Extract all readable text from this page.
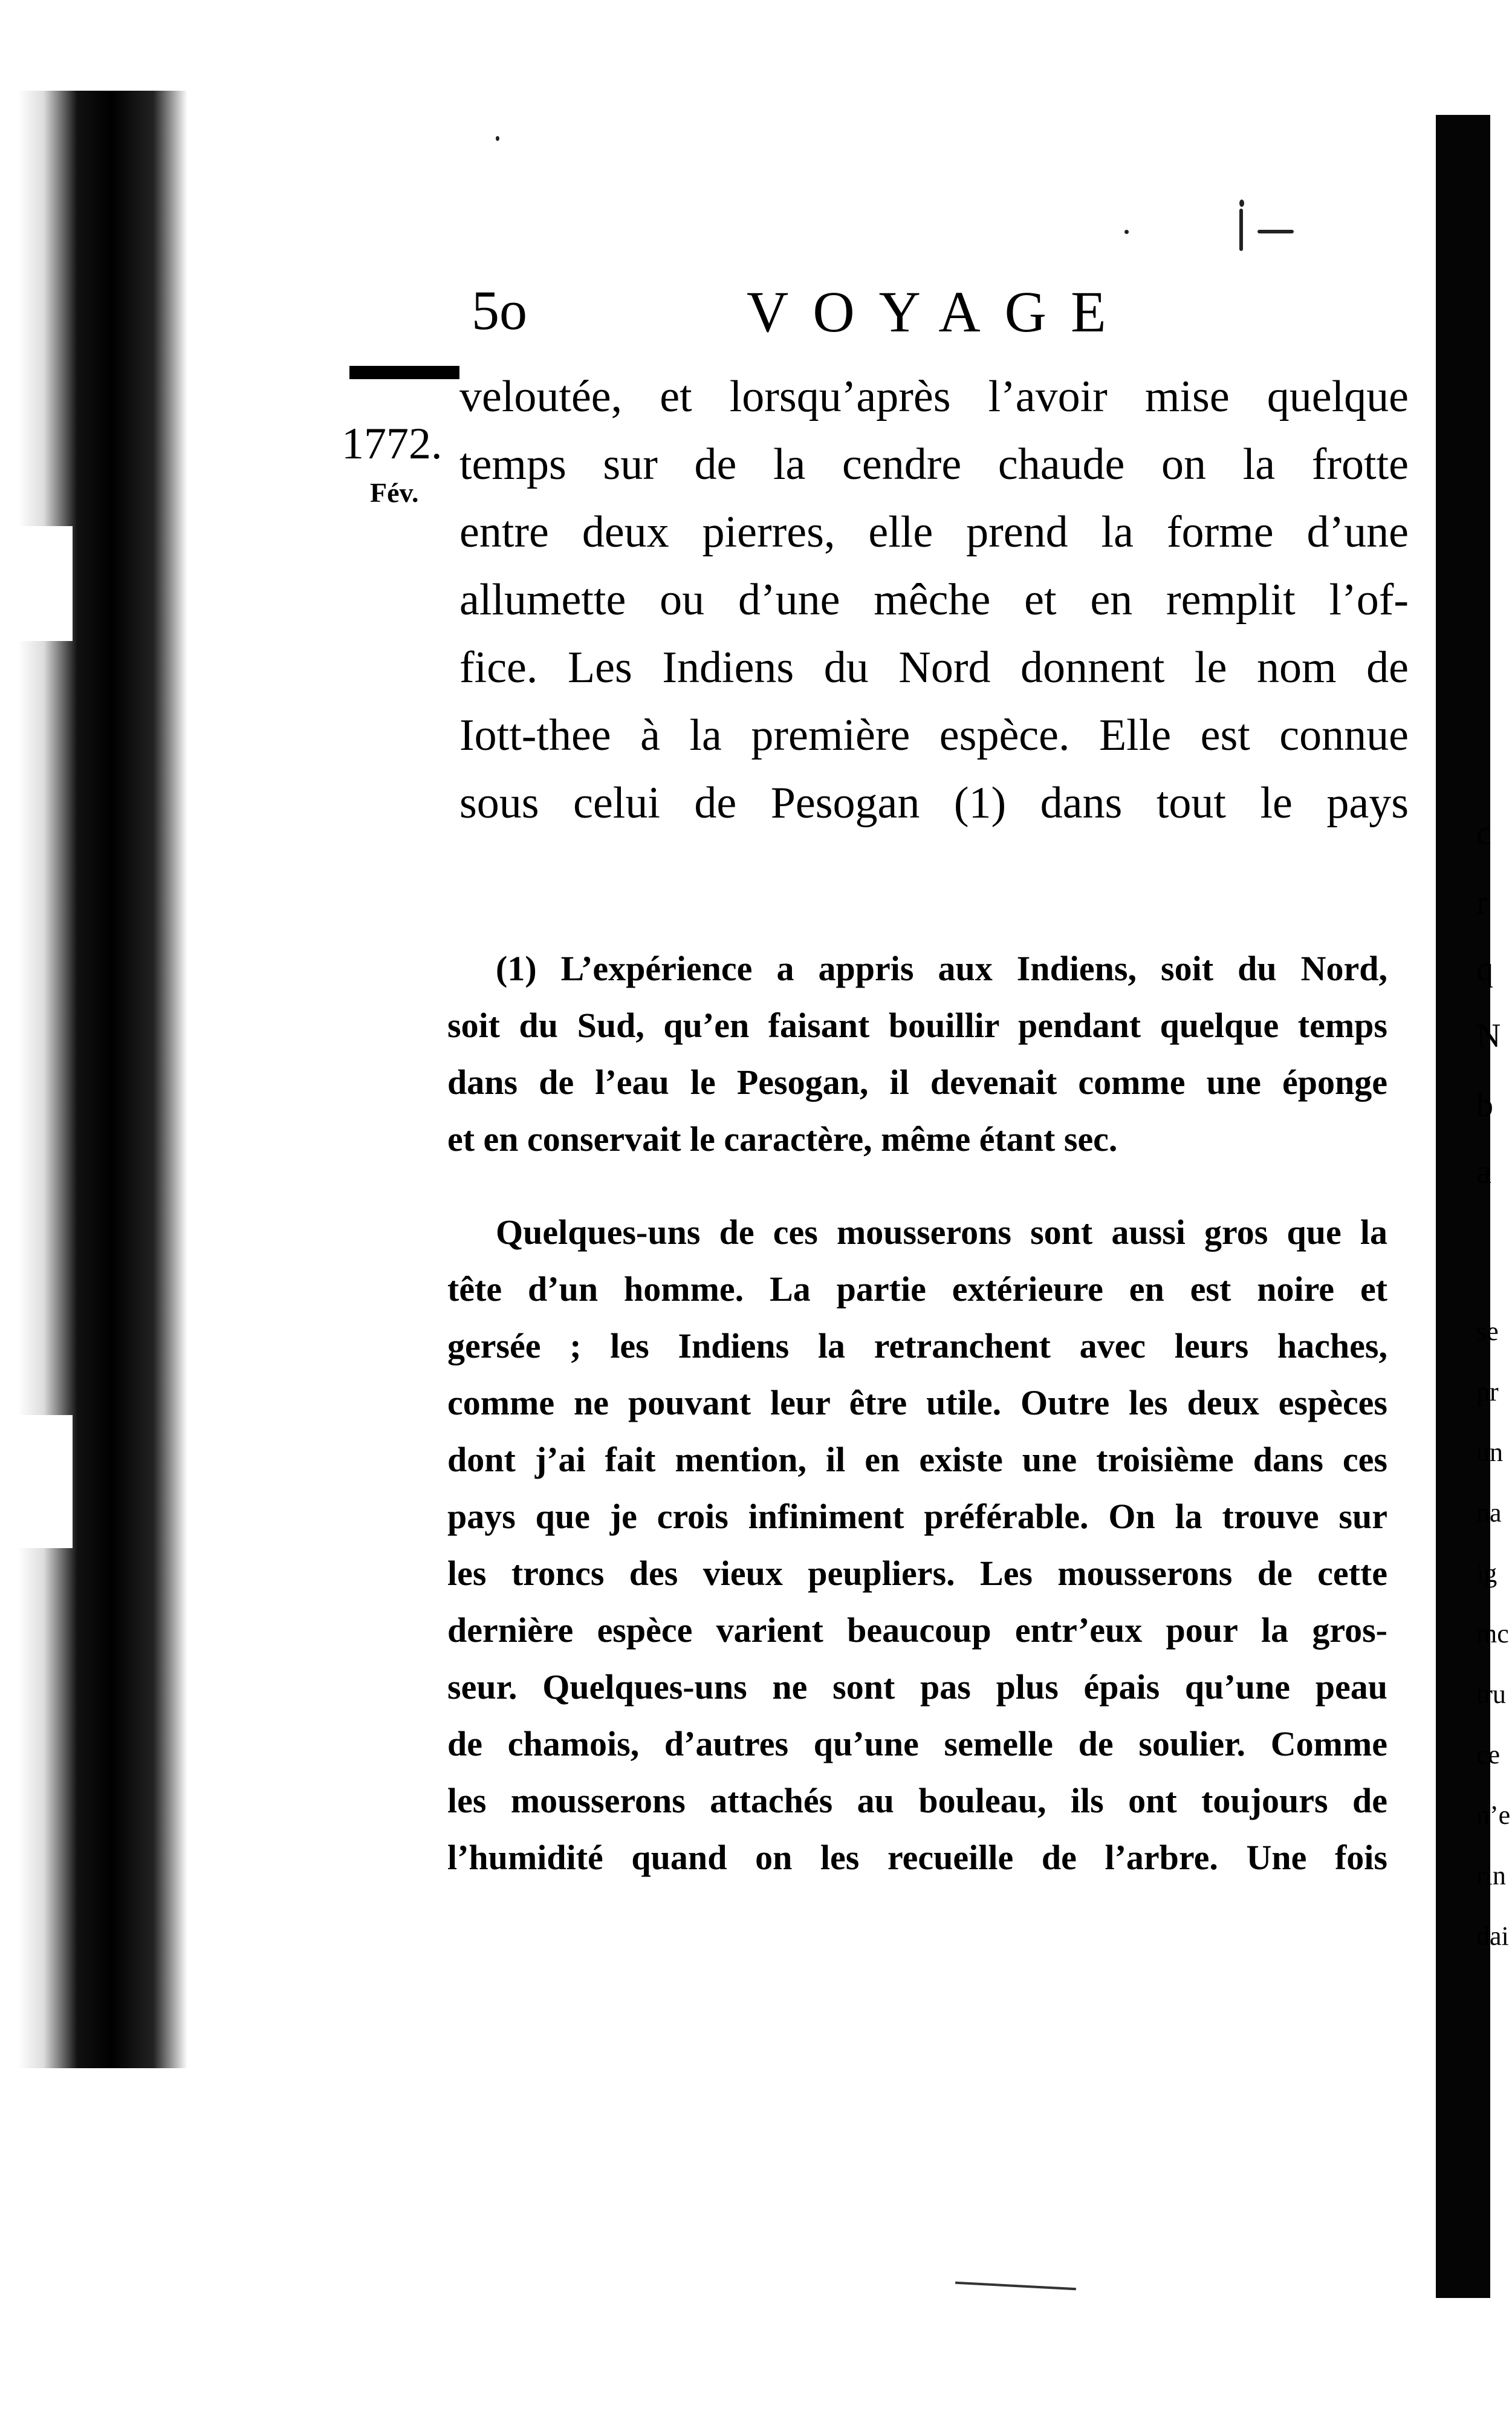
5o	VOYAGE
1772.
Fév.
veloutée, et lorsqu’après l’avoir mise quelque
temps sur de la cendre chaude on la frotte
entre deux pierres, elle prend la forme d’une
allumette ou d’une mêche et en remplit l’of-
fice. Les Indiens du Nord donnent le nom de
Iott-thee à la première espèce. Elle est connue
sous celui de Pesogan (1) dans tout le pays
(1) L’expérience a appris aux Indiens, soit du Nord,
soit du Sud, qu’en faisant bouillir pendant quelque temps
dans de l’eau le Pesogan, il devenait comme une éponge
et en conservait le caractère, même étant sec.
Quelques-uns de ces mousserons sont aussi gros que la
tête d’un homme. La partie extérieure en est noire et
gersée ; les Indiens la retranchent avec leurs haches,
comme ne pouvant leur être utile. Outre les deux espèces
dont j’ai fait mention, il en existe une troisième dans ces
pays que je crois infiniment préférable. On la trouve sur
les troncs des vieux peupliers. Les mousserons de cette
dernière espèce varient beaucoup entr’eux pour la gros-
seur. Quelques-uns ne sont pas plus épais qu’une peau
de chamois, d’autres qu’une semelle de soulier. Comme
les mousserons attachés au bouleau, ils ont toujours de
l’humidité quand on les recueille de l’arbre. Une fois
c
r
q
N
b
a
se
pr
un
na
ig
mc
tru
ce
n’e
rin
dai
